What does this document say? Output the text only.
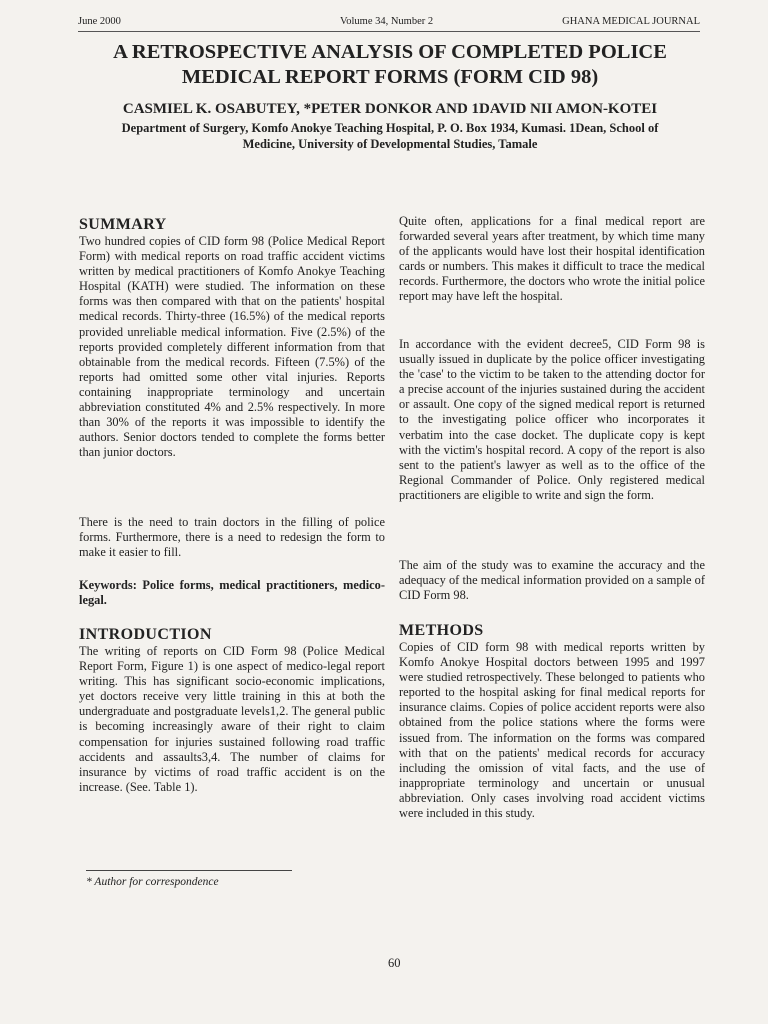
June 2000	Volume 34, Number 2	GHANA MEDICAL JOURNAL
A RETROSPECTIVE ANALYSIS OF COMPLETED POLICE
MEDICAL REPORT FORMS (FORM CID 98)
CASMIEL K. OSABUTEY, *PETER DONKOR AND 1DAVID NII AMON-KOTEI
Department of Surgery, Komfo Anokye Teaching Hospital, P. O. Box 1934, Kumasi. 1Dean, School of
Medicine, University of Developmental Studies, Tamale
SUMMARY

Two hundred copies of CID form 98 (Police Medical Report Form) with medical reports on road traffic accident victims written by medical practitioners of Komfo Anokye Teaching Hospital (KATH) were studied. The information on these forms was then compared with that on the patients' hospital medical records. Thirty-three (16.5%) of the medical reports provided unreliable medical information. Five (2.5%) of the reports provided completely different information from that obtainable from the medical records. Fifteen (7.5%) of the reports had omitted some other vital injuries. Reports containing inappropriate terminology and uncertain abbreviation constituted 4% and 2.5% respectively. In more than 30% of the reports it was impossible to identify the authors. Senior doctors tended to complete the forms better than junior doctors.

There is the need to train doctors in the filling of police forms. Furthermore, there is a need to redesign the form to make it easier to fill.

Keywords: Police forms, medical practitioners, medico-legal.

INTRODUCTION

The writing of reports on CID Form 98 (Police Medical Report Form, Figure 1) is one aspect of medico-legal report writing. This has significant socio-economic implications, yet doctors receive very little training in this at both the undergraduate and postgraduate levels1,2. The general public is becoming increasingly aware of their right to claim compensation for injuries sustained following road traffic accidents and assaults3,4. The number of claims for insurance by victims of road traffic accident is on the increase. (See. Table 1).

Quite often, applications for a final medical report are forwarded several years after treatment, by which time many of the applicants would have lost their hospital identification cards or numbers. This makes it difficult to trace the medical records. Furthermore, the doctors who wrote the initial police report may have left the hospital.

In accordance with the evident decree5, CID Form 98 is usually issued in duplicate by the police officer investigating the 'case' to the victim to be taken to the attending doctor for a precise account of the injuries sustained during the accident or assault. One copy of the signed medical report is returned to the investigating police officer who incorporates it verbatim into the case docket. The duplicate copy is kept with the victim's hospital record. A copy of the report is also sent to the patient's lawyer as well as to the office of the Regional Commander of Police. Only registered medical practitioners are eligible to write and sign the form.

The aim of the study was to examine the accuracy and the adequacy of the medical information provided on a sample of CID Form 98.

METHODS

Copies of CID form 98 with medical reports written by Komfo Anokye Hospital doctors between 1995 and 1997 were studied retrospectively. These belonged to patients who reported to the hospital asking for final medical reports for insurance claims. Copies of police accident reports were also obtained from the police stations where the forms were issued from. The information on the forms was compared with that on the patients' medical records for accuracy including the omission of vital facts, and the use of inappropriate terminology and uncertain or unusual abbreviation. Only cases involving road accident victims were included in this study.

* Author for correspondence
60
